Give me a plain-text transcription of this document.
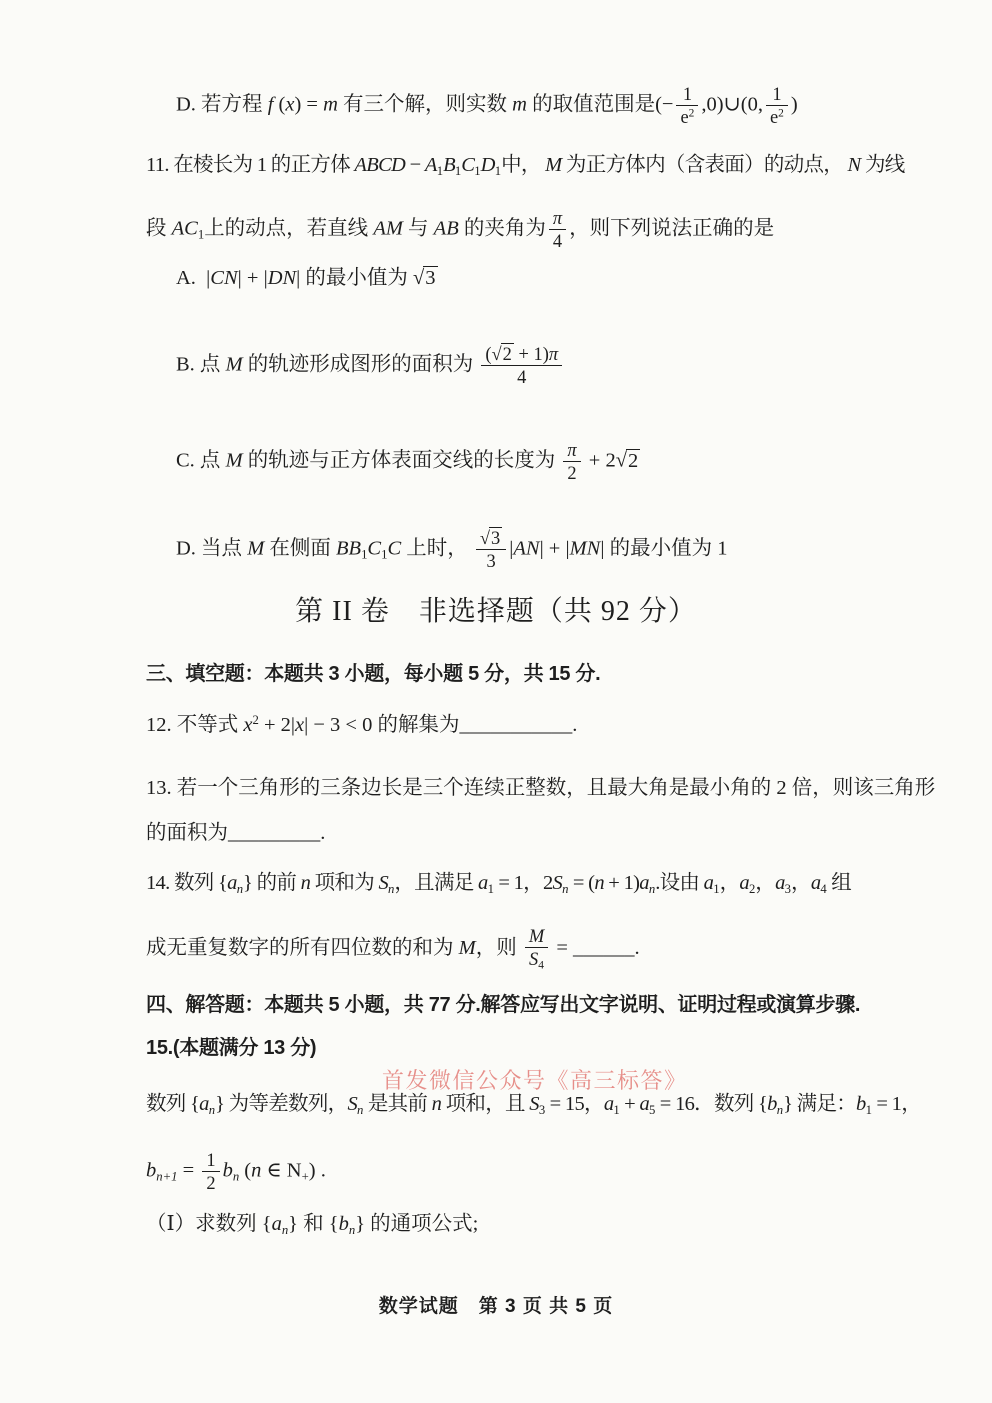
D. 若方程 f (x) = m 有三个解，则实数 m 的取值范围是(− $\frac{1}{e^2}$ ,0)∪(0, $\frac{1}{e^2}$ )
11. 在棱长为 1 的正方体 ABCD − $A_1B_1C_1D_1$中， M 为正方体内（含表面）的动点， N 为线
段 $AC_1$上的动点，若直线 AM 与 AB 的夹角为 $\frac{\pi}{4}$ ，则下列说法正确的是
A.  |CN| + |DN| 的最小值为 √3
B. 点 M 的轨迹形成图形的面积为 $\frac{(√ 2 + 1)\pi}{4}$
C. 点 M 的轨迹与正方体表面交线的长度为 $\frac{\pi}{2} + 2√2$
D. 当点 M 在侧面 $BB_1C_1C$ 上时， $\frac{√ 3}{3} |AN| + |MN|$ 的最小值为 1
第 II 卷　非选择题（共 92 分）
三、填空题：本题共 3 小题，每小题 5 分，共 15 分.
12. 不等式 $x^2 + 2|x| - 3 < 0$ 的解集为___________.
13. 若一个三角形的三条边长是三个连续正整数，且最大角是最小角的 2 倍，则该三角形
的面积为_________.
14. 数列 $\{a_n\}$ 的前 n 项和为 $S_n$，且满足 $a_1 = 1$，$2S_n = (n + 1)a_n$.设由 $a_1$，$a_2$，$a_3$，$a_4$ 组
成无重复数字的所有四位数的和为 M，则 $\frac{M}{S_4}$ = ______.
四、解答题：本题共 5 小题，共 77 分.解答应写出文字说明、证明过程或演算步骤.
15.(本题满分 13 分)
首发微信公众号《高三标答》
数列 $\{a_n\}$ 为等差数列，$S_n$ 是其前 n 项和，且 $S_3 = 15$，$a_1 + a_5 = 16$．数列 $\{b_n\}$ 满足：$b_1 = 1$，
$b_{n+1} = \frac{1}{2} b_n$ (n ∈ $N_+$) .
（Ⅰ）求数列 $\{a_n\}$ 和 $\{b_n\}$ 的通项公式;
数学试题　第 3 页 共 5 页
